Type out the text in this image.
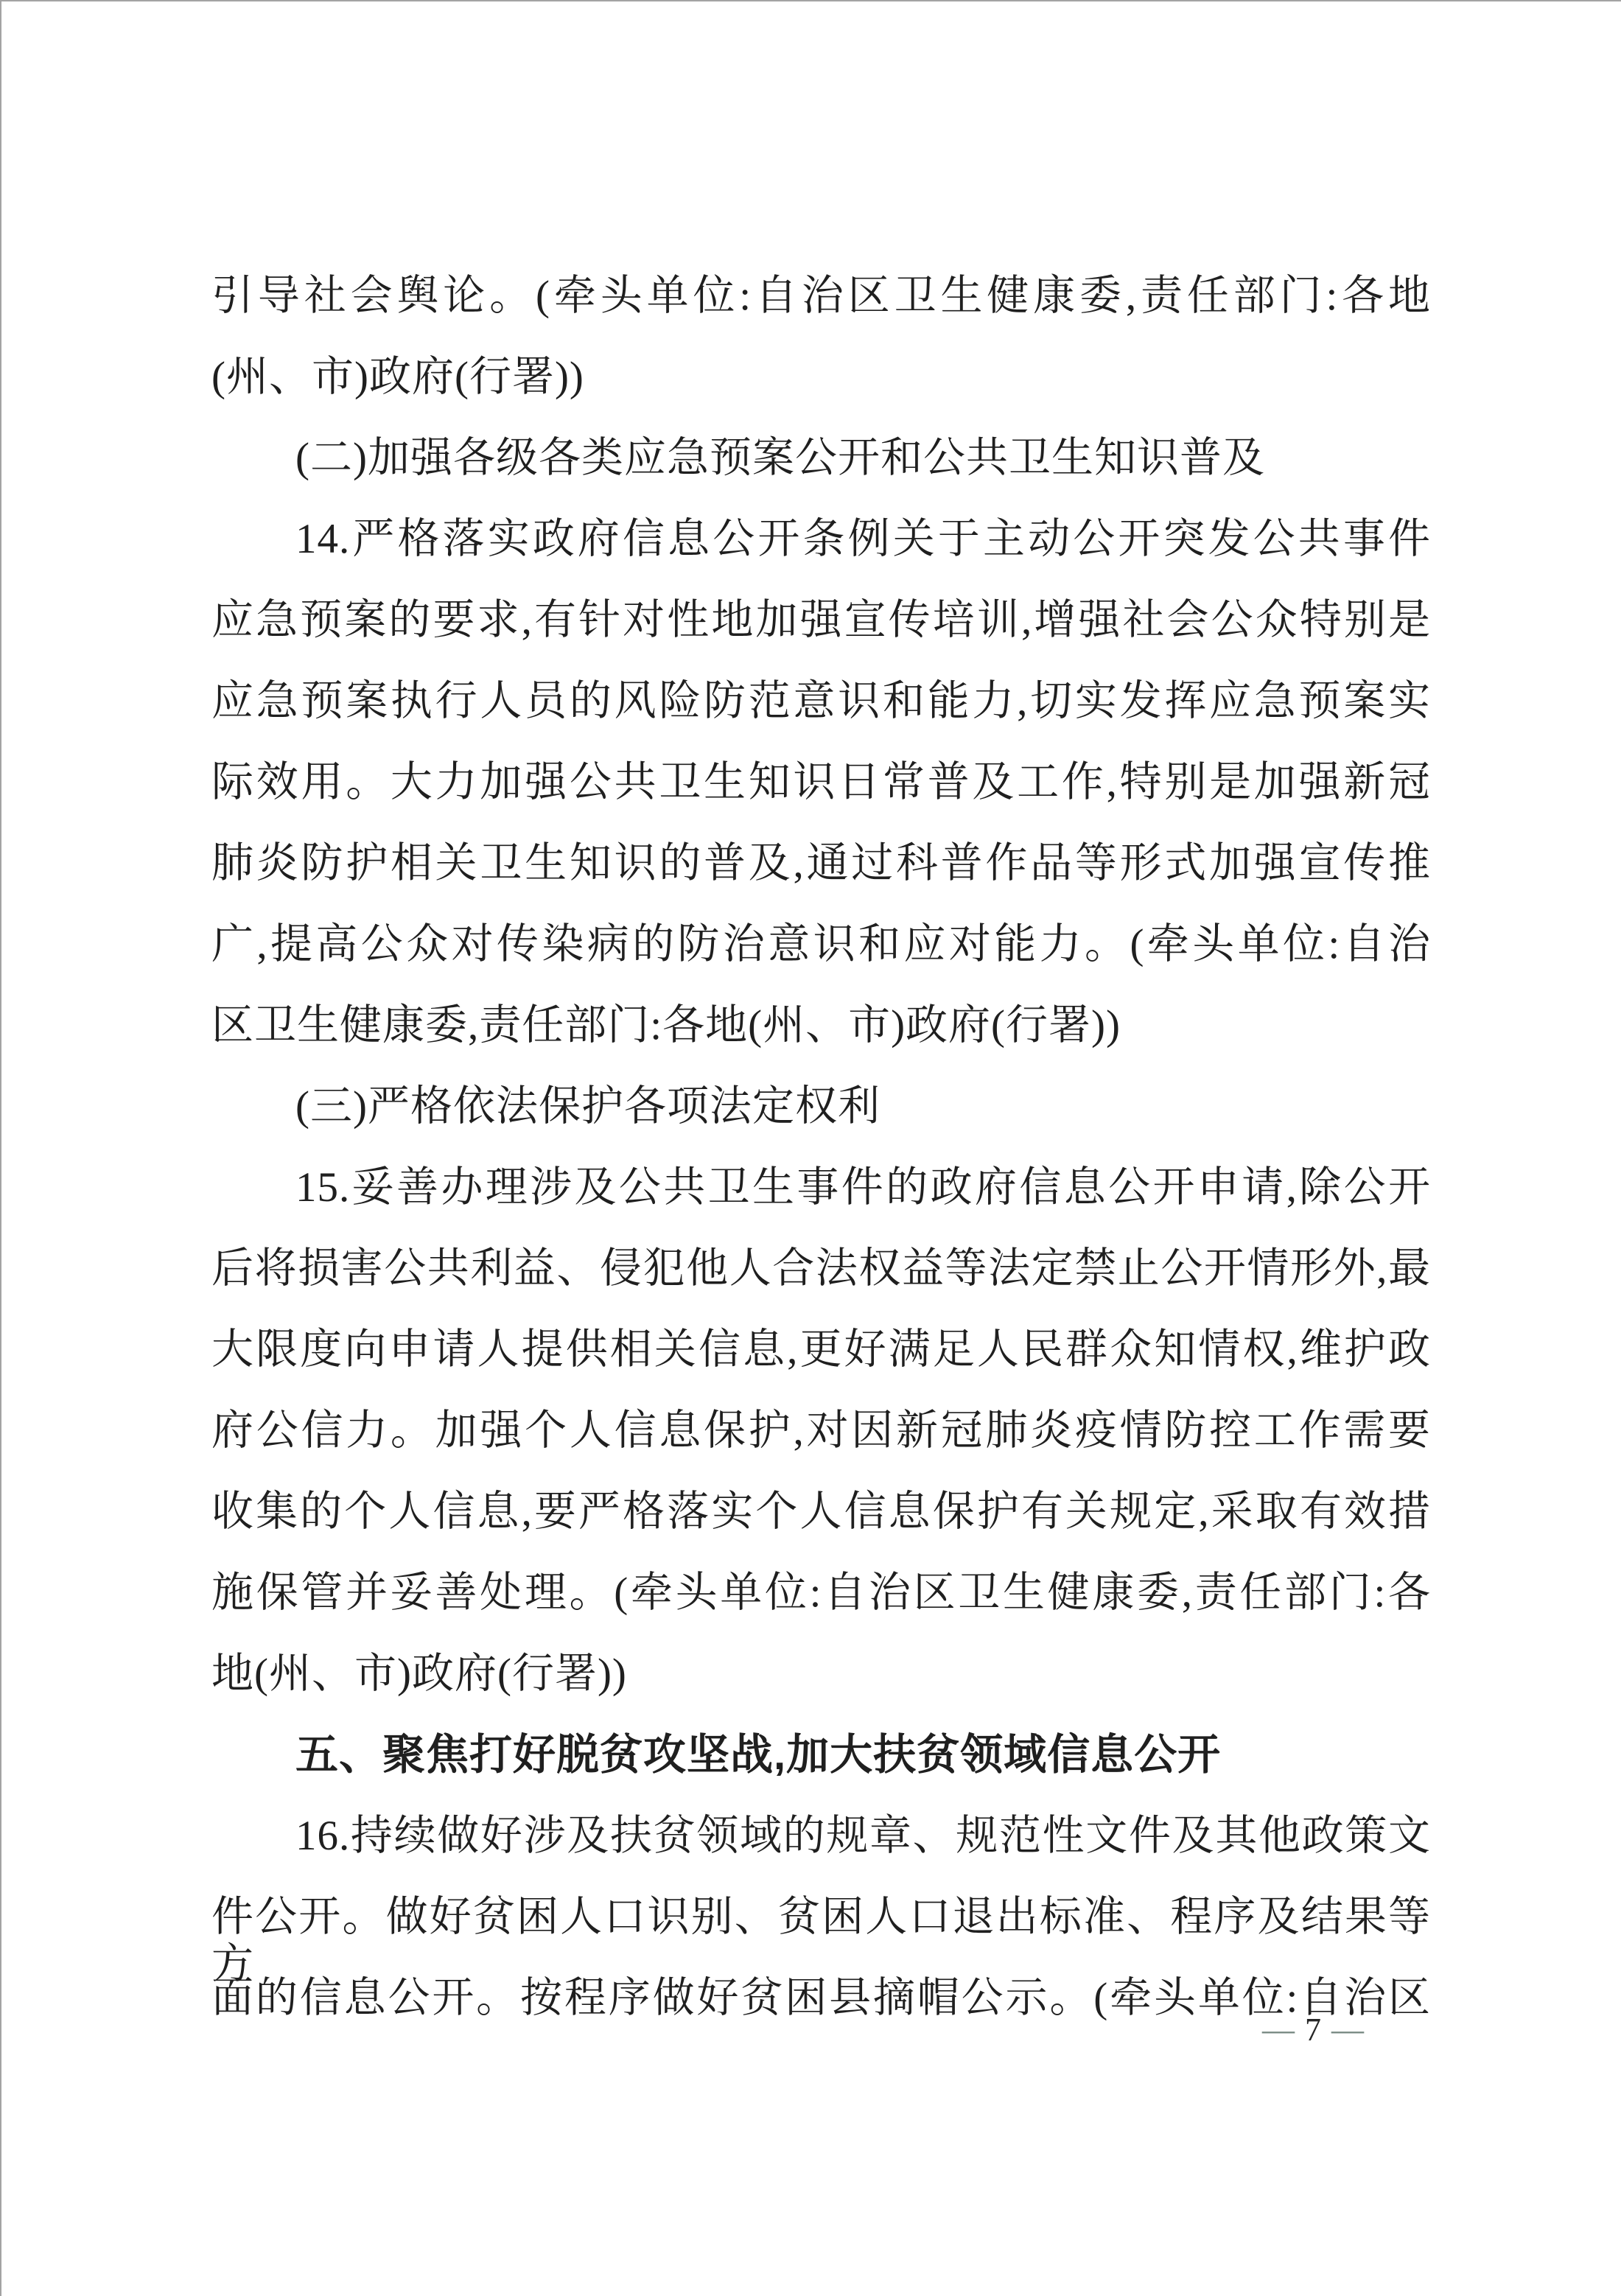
引导社会舆论。(牵头单位:自治区卫生健康委,责任部门:各地
(州、市)政府(行署))
(二)加强各级各类应急预案公开和公共卫生知识普及
14.严格落实政府信息公开条例关于主动公开突发公共事件
应急预案的要求,有针对性地加强宣传培训,增强社会公众特别是
应急预案执行人员的风险防范意识和能力,切实发挥应急预案实
际效用。大力加强公共卫生知识日常普及工作,特别是加强新冠
肺炎防护相关卫生知识的普及,通过科普作品等形式加强宣传推
广,提高公众对传染病的防治意识和应对能力。(牵头单位:自治
区卫生健康委,责任部门:各地(州、市)政府(行署))
(三)严格依法保护各项法定权利
15.妥善办理涉及公共卫生事件的政府信息公开申请,除公开
后将损害公共利益、侵犯他人合法权益等法定禁止公开情形外,最
大限度向申请人提供相关信息,更好满足人民群众知情权,维护政
府公信力。加强个人信息保护,对因新冠肺炎疫情防控工作需要
收集的个人信息,要严格落实个人信息保护有关规定,采取有效措
施保管并妥善处理。(牵头单位:自治区卫生健康委,责任部门:各
地(州、市)政府(行署))
五、聚焦打好脱贫攻坚战,加大扶贫领域信息公开
16.持续做好涉及扶贫领域的规章、规范性文件及其他政策文
件公开。做好贫困人口识别、贫困人口退出标准、程序及结果等方
面的信息公开。按程序做好贫困县摘帽公示。(牵头单位:自治区
— 7 —
